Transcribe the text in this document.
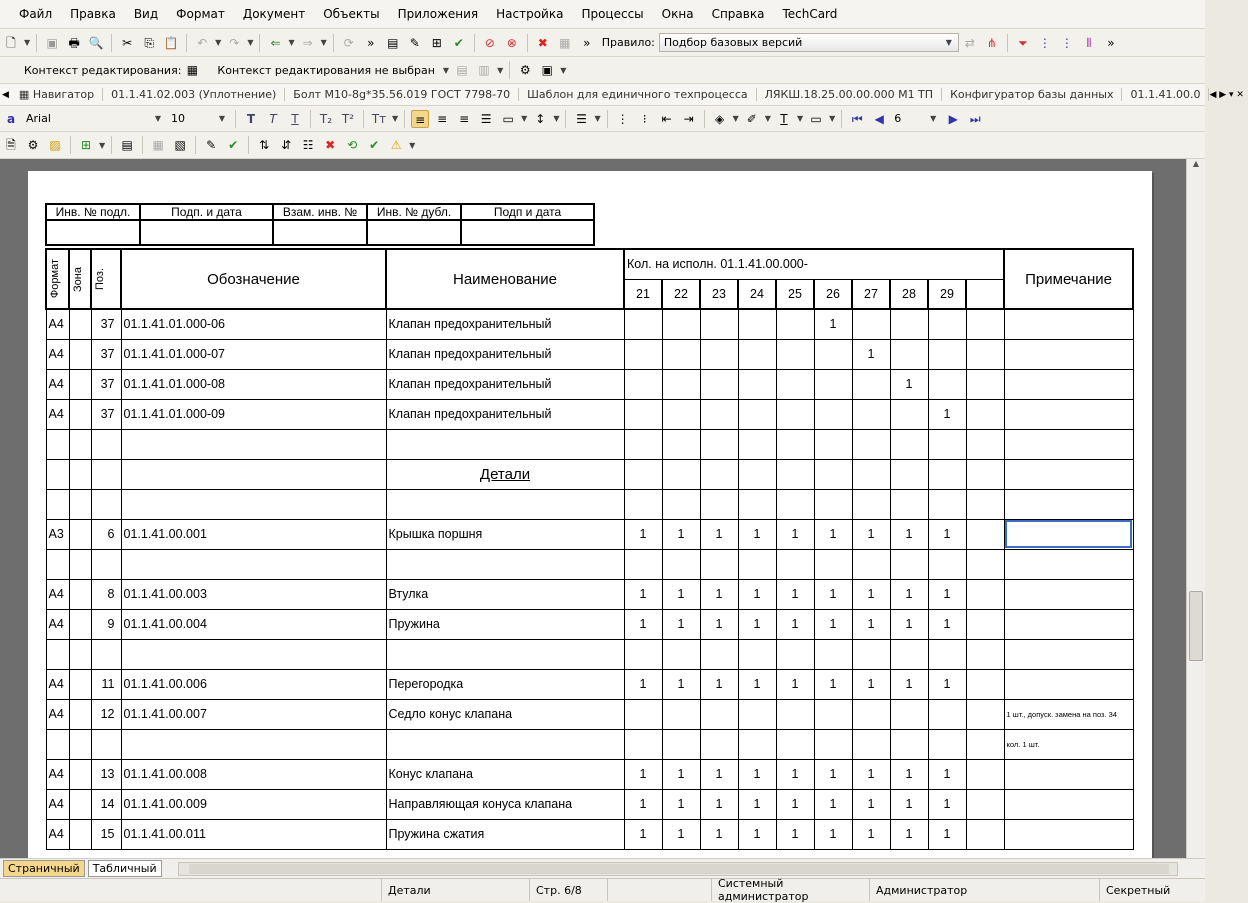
Файл	Правка	Вид	Формат	Документ	Объекты	Приложения	Настройка	Процессы	Окна	Справка	TechCard
🗋	▼ ▣ 🖶 🔍	✂	⎘ 📋	↶ ▼ ↷ ▼	⇐ ▼ ⇒ ▼	⟳	»	▤ ✎ ⊞ ✔	⊘ ⊗	✖ ▦	»	Правило: Подбор базовых версий	▼	⇄ ⋔	⏷ ⋮ ⋮	⦀	»
Контекст редактирования: ▦	Контекст редактирования не выбран ▼ ▤ ▥ ▼	⚙ ▣ ▼
◀ ▦ Навигатор	01.1.41.02.003 (Уплотнение)	Болт М10-8g*35.56.019 ГОСТ 7798-70	Шаблон для единичного техпроцесса	ЛЯКШ.18.25.00.00.000 М1 ТП	Конфигуратор базы данных	01.1.41.00.0	◀ ▶ ▾ ✕
a Arial	▼ 10	▼	T	T	T	T₂ T² Tт ▼	≡ ≡ ≡ ☰ ▭ ▼ ↕ ▼	☰ ▼ ⋮	⁝	⇤ ⇥	◈	▼ ✐ ▼ T	▼ ▭ ▼ ⏮ ◀ 6	▼	▶ ⏭
🗎 ⚙ ▨	⊞ ▼ ▤ ▦ ▧	✎ ✔	⇅ ⇵ ☷ ✖ ⟲ ✔ ⚠ ▼
Инв. № подл.	Подп. и дата	Взам. инв. №	Инв. № дубл.	Подп и дата

Формат	Зона	Поз.	Обозначение	Наименование	Кол. на исполн. 01.1.41.00.000-										Примечание
					21	22	23	24	25	26	27	28	29		
А4		37	01.1.41.01.000-06	Клапан предохранительный						1					
А4		37	01.1.41.01.000-07	Клапан предохранительный							1				
А4		37	01.1.41.01.000-08	Клапан предохранительный								1			
А4		37	01.1.41.01.000-09	Клапан предохранительный									1		

				Детали											

А3		6	01.1.41.00.001	Крышка поршня	1	1	1	1	1	1	1	1	1		

А4		8	01.1.41.00.003	Втулка	1	1	1	1	1	1	1	1	1		
А4		9	01.1.41.00.004	Пружина	1	1	1	1	1	1	1	1	1		

А4		11	01.1.41.00.006	Перегородка	1	1	1	1	1	1	1	1	1		
А4		12	01.1.41.00.007	Седло конус клапана											1 шт., допуск. замена на поз. 34
															кол. 1 шт.
А4		13	01.1.41.00.008	Конус клапана	1	1	1	1	1	1	1	1	1		
А4		14	01.1.41.00.009	Направляющая конуса клапана	1	1	1	1	1	1	1	1	1		
А4		15	01.1.41.00.011	Пружина сжатия	1	1	1	1	1	1	1	1	1		
▲
Страничный	Табличный
Детали	Стр. 6/8	Системный администратор	Администратор	Секретный
